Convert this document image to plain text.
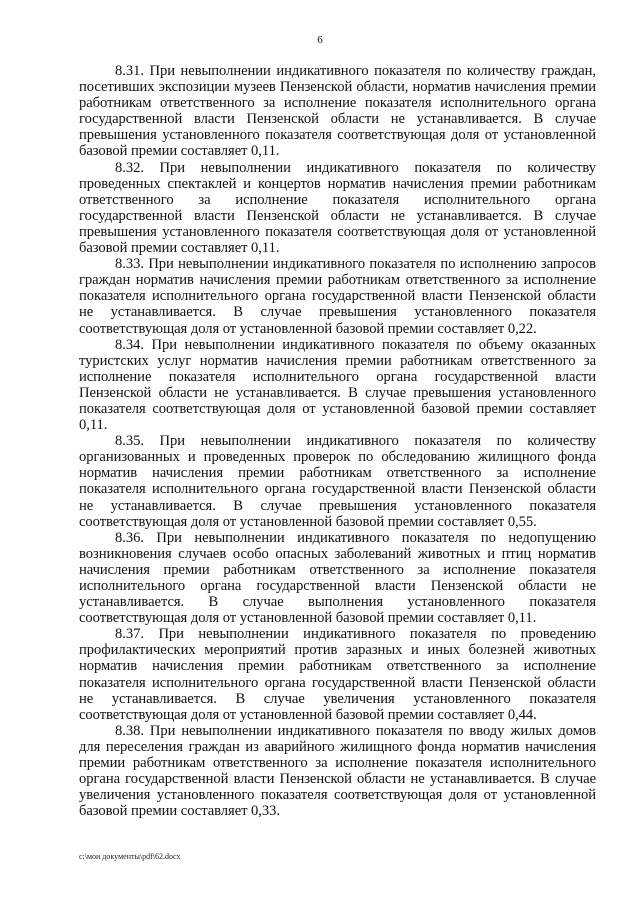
6

8.31. При невыполнении индикативного показателя по количеству граждан, посетивших экспозиции музеев Пензенской области, норматив начисления премии работникам ответственного за исполнение показателя исполнительного органа государственной власти Пензенской области не устанавливается. В случае превышения установленного показателя соответствующая доля от установленной базовой премии составляет 0,11.

8.32. При невыполнении индикативного показателя по количеству проведенных спектаклей и концертов норматив начисления премии работникам ответственного за исполнение показателя исполнительного органа государственной власти Пензенской области не устанавливается. В случае превышения установленного показателя соответствующая доля от установленной базовой премии составляет 0,11.

8.33. При невыполнении индикативного показателя по исполнению запросов граждан норматив начисления премии работникам ответственного за исполнение показателя исполнительного органа государственной власти Пензенской области не устанавливается. В случае превышения установленного показателя соответствующая доля от установленной базовой премии составляет 0,22.

8.34. При невыполнении индикативного показателя по объему оказанных туристских услуг норматив начисления премии работникам ответственного за исполнение показателя исполнительного органа государственной власти Пензенской области не устанавливается. В случае превышения установленного показателя соответствующая доля от установленной базовой премии составляет 0,11.

8.35. При невыполнении индикативного показателя по количеству организованных и проведенных проверок по обследованию жилищного фонда норматив начисления премии работникам ответственного за исполнение показателя исполнительного органа государственной власти Пензенской области не устанавливается. В случае превышения установленного показателя соответствующая доля от установленной базовой премии составляет 0,55.

8.36. При невыполнении индикативного показателя по недопущению возникновения случаев особо опасных заболеваний животных и птиц норматив начисления премии работникам ответственного за исполнение показателя исполнительного органа государственной власти Пензенской области не устанавливается. В случае выполнения установленного показателя соответствующая доля от установленной базовой премии составляет 0,11.

8.37. При невыполнении индикативного показателя по проведению профилактических мероприятий против заразных и иных болезней животных норматив начисления премии работникам ответственного за исполнение показателя исполнительного органа государственной власти Пензенской области не устанавливается. В случае увеличения установленного показателя соответствующая доля от установленной базовой премии составляет 0,44.

8.38. При невыполнении индикативного показателя по вводу жилых домов для переселения граждан из аварийного жилищного фонда норматив начисления премии работникам ответственного за исполнение показателя исполнительного органа государственной власти Пензенской области не устанавливается. В случае увеличения установленного показателя соответствующая доля от установленной базовой премии составляет 0,33.

c:\мои документы\pdf\62.docx
